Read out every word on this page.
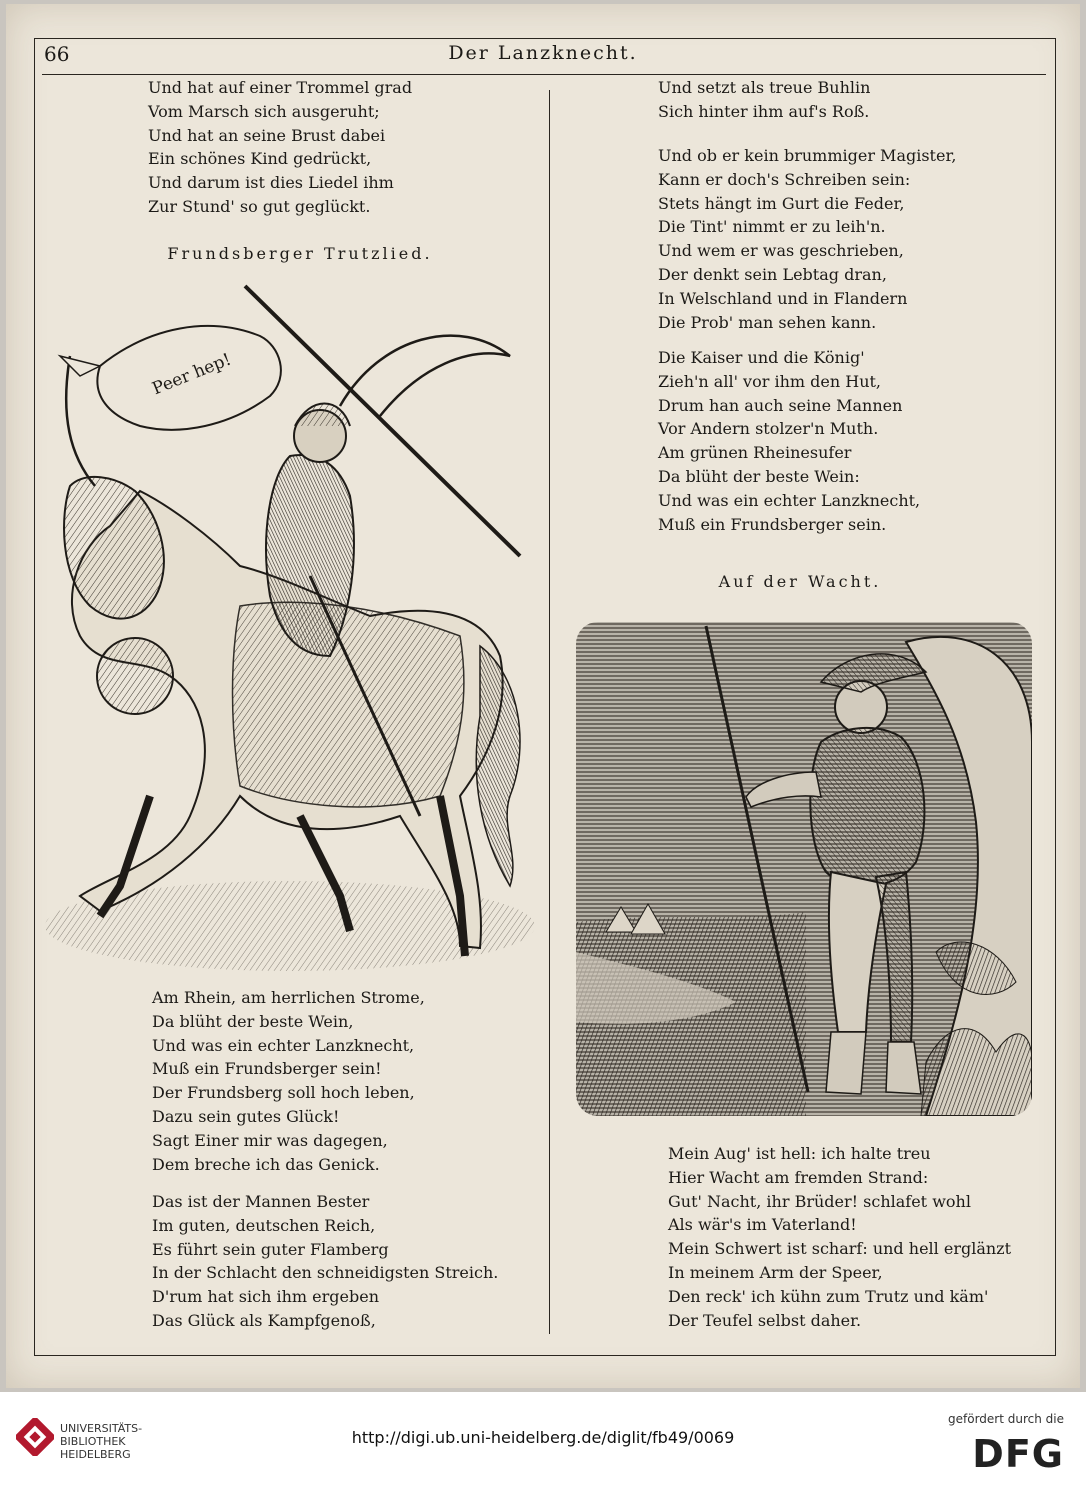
66	Der Lanzknecht.
Und hat auf einer Trommel grad
Vom Marsch sich ausgeruht;
Und hat an seine Brust dabei
Ein schönes Kind gedrückt,
Und darum ist dies Liedel ihm
Zur Stund' so gut geglückt.
Frundsberger Trutzlied.
Peer hep!
Am Rhein, am herrlichen Strome,
Da blüht der beste Wein,
Und was ein echter Lanzknecht,
Muß ein Frundsberger sein!
Der Frundsberg soll hoch leben,
Dazu sein gutes Glück!
Sagt Einer mir was dagegen,
Dem breche ich das Genick.
Das ist der Mannen Bester
Im guten, deutschen Reich,
Es führt sein guter Flamberg
In der Schlacht den schneidigsten Streich.
D'rum hat sich ihm ergeben
Das Glück als Kampfgenoß,
Und setzt als treue Buhlin
Sich hinter ihm auf's Roß.
Und ob er kein brummiger Magister,
Kann er doch's Schreiben sein:
Stets hängt im Gurt die Feder,
Die Tint' nimmt er zu leih'n.
Und wem er was geschrieben,
Der denkt sein Lebtag dran,
In Welschland und in Flandern
Die Prob' man sehen kann.
Die Kaiser und die König'
Zieh'n all' vor ihm den Hut,
Drum han auch seine Mannen
Vor Andern stolzer'n Muth.
Am grünen Rheinesufer
Da blüht der beste Wein:
Und was ein echter Lanzknecht,
Muß ein Frundsberger sein.
Auf der Wacht.
Mein Aug' ist hell: ich halte treu
Hier Wacht am fremden Strand:
Gut' Nacht, ihr Brüder! schlafet wohl
Als wär's im Vaterland!
Mein Schwert ist scharf: und hell erglänzt
In meinem Arm der Speer,
Den reck' ich kühn zum Trutz und käm'
Der Teufel selbst daher.
UNIVERSITÄTS-
BIBLIOTHEK
HEIDELBERG
http://digi.ub.uni-heidelberg.de/diglit/fb49/0069
gefördert durch die
DFG
